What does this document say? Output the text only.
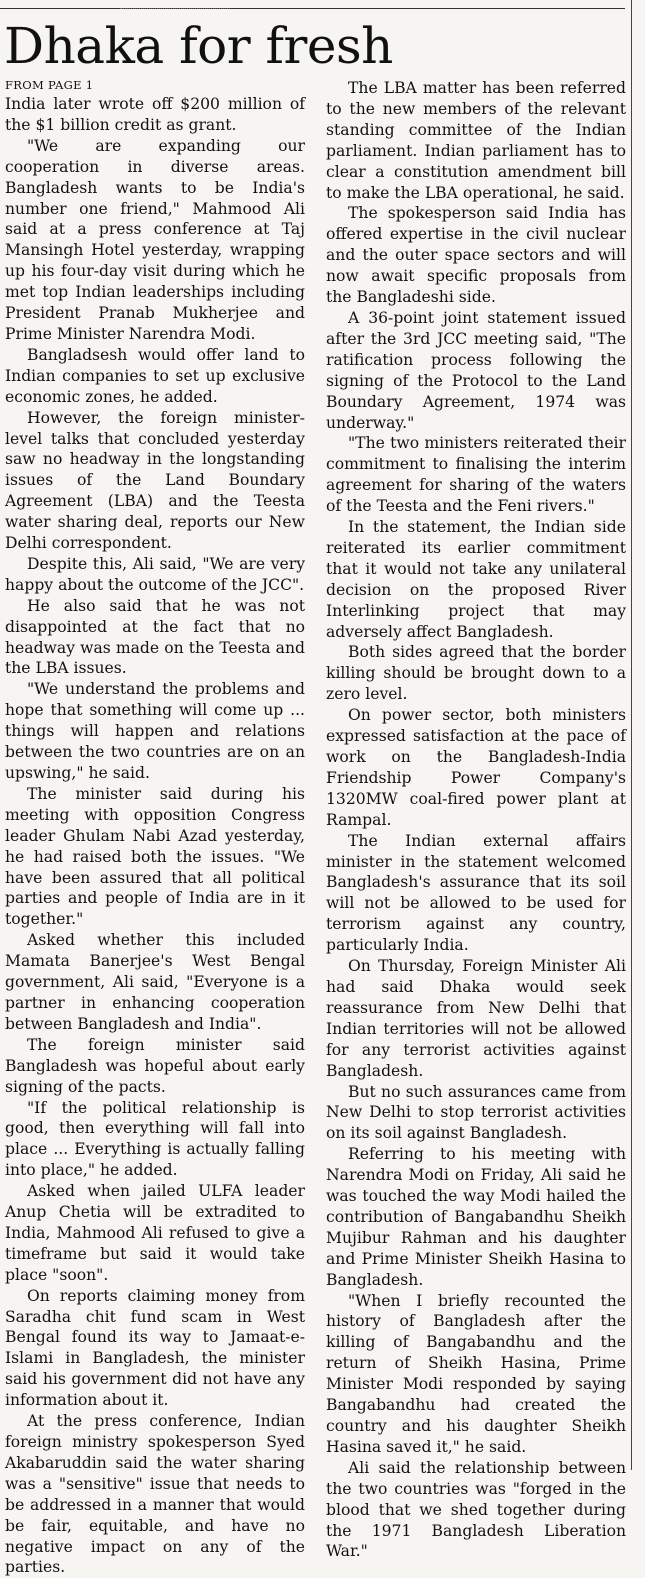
Dhaka for fresh

FROM PAGE 1

India later wrote off $200 million of the $1 billion credit as grant.

"We are expanding our cooperation in diverse areas. Bangladesh wants to be India's number one friend," Mahmood Ali said at a press conference at Taj Mansingh Hotel yesterday, wrapping up his four-day visit during which he met top Indian leaderships including President Pranab Mukherjee and Prime Minister Narendra Modi.

Bangladsesh would offer land to Indian companies to set up exclusive economic zones, he added.

However, the foreign minister-level talks that concluded yesterday saw no headway in the longstanding issues of the Land Boundary Agreement (LBA) and the Teesta water sharing deal, reports our New Delhi correspondent.

Despite this, Ali said, "We are very happy about the outcome of the JCC".

He also said that he was not disappointed at the fact that no headway was made on the Teesta and the LBA issues.

"We understand the problems and hope that something will come up ... things will happen and relations between the two countries are on an upswing," he said.

The minister said during his meeting with opposition Congress leader Ghulam Nabi Azad yesterday, he had raised both the issues. "We have been assured that all political parties and people of India are in it together."

Asked whether this included Mamata Banerjee's West Bengal government, Ali said, "Everyone is a partner in enhancing cooperation between Bangladesh and India".

The foreign minister said Bangladesh was hopeful about early signing of the pacts.

"If the political relationship is good, then everything will fall into place ... Everything is actually falling into place," he added.

Asked when jailed ULFA leader Anup Chetia will be extradited to India, Mahmood Ali refused to give a timeframe but said it would take place "soon".

On reports claiming money from Saradha chit fund scam in West Bengal found its way to Jamaat-e-Islami in Bangladesh, the minister said his government did not have any information about it.

At the press conference, Indian foreign ministry spokesperson Syed Akabaruddin said the water sharing was a "sensitive" issue that needs to be addressed in a manner that would be fair, equitable, and have no negative impact on any of the parties.

The LBA matter has been referred to the new members of the relevant standing committee of the Indian parliament. Indian parliament has to clear a constitution amendment bill to make the LBA operational, he said.

The spokesperson said India has offered expertise in the civil nuclear and the outer space sectors and will now await specific proposals from the Bangladeshi side.

A 36-point joint statement issued after the 3rd JCC meeting said, "The ratification process following the signing of the Protocol to the Land Boundary Agreement, 1974 was underway."

"The two ministers reiterated their commitment to finalising the interim agreement for sharing of the waters of the Teesta and the Feni rivers."

In the statement, the Indian side reiterated its earlier commitment that it would not take any unilateral decision on the proposed River Interlinking project that may adversely affect Bangladesh.

Both sides agreed that the border killing should be brought down to a zero level.

On power sector, both ministers expressed satisfaction at the pace of work on the Bangladesh-India Friendship Power Company's 1320MW coal-fired power plant at Rampal.

The Indian external affairs minister in the statement welcomed Bangladesh's assurance that its soil will not be allowed to be used for terrorism against any country, particularly India.

On Thursday, Foreign Minister Ali had said Dhaka would seek reassurance from New Delhi that Indian territories will not be allowed for any terrorist activities against Bangladesh.

But no such assurances came from New Delhi to stop terrorist activities on its soil against Bangladesh.

Referring to his meeting with Narendra Modi on Friday, Ali said he was touched the way Modi hailed the contribution of Bangabandhu Sheikh Mujibur Rahman and his daughter and Prime Minister Sheikh Hasina to Bangladesh.

"When I briefly recounted the history of Bangladesh after the killing of Bangabandhu and the return of Sheikh Hasina, Prime Minister Modi responded by saying Bangabandhu had created the country and his daughter Sheikh Hasina saved it," he said.

Ali said the relationship between the two countries was "forged in the blood that we shed together during the 1971 Bangladesh Liberation War."
